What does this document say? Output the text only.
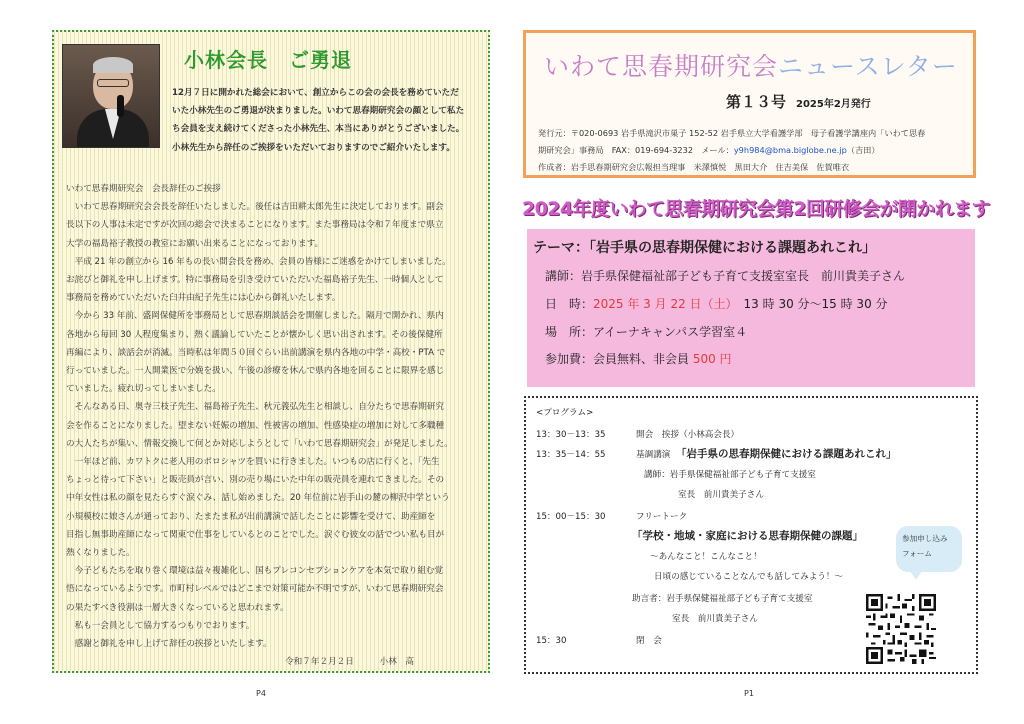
小林会長　ご勇退
12月７日に開かれた総会において、創立からこの会の会長を務めていただ
いた小林先生のご勇退が決まりました。いわて思春期研究会の顔として私た
ち会員を支え続けてくださった小林先生、本当にありがとうございました。
小林先生から辞任のご挨拶をいただいておりますのでご紹介いたします。
いわて思春期研究会　会長辞任のご挨拶
　いわて思春期研究会会長を辞任いたしました。後任は吉田耕太郎先生に決定しております。副会
長以下の人事は未定ですが次回の総会で決まることになります。また事務局は令和７年度まで県立
大学の福島裕子教授の教室にお願い出来ることになっております。
　平成 21 年の創立から 16 年もの長い間会長を務め、会員の皆様にご迷惑をかけてしまいました。
お詫びと御礼を申し上げます。特に事務局を引き受けていただいた福島裕子先生、一時個人として
事務局を務めていただいた臼井由紀子先生には心から御礼いたします。
　今から 33 年前、盛岡保健所を事務局として思春期談話会を開催しました。隔月で開かれ、県内
各地から毎回 30 人程度集まり、熱く議論していたことが懐かしく思い出されます。その後保健所
再編により、談話会が消滅。当時私は年間５０回ぐらい出前講演を県内各地の中学・高校・PTA で
行っていました。一人開業医で分娩を扱い、午後の診療を休んで県内各地を回ることに限界を感じ
ていました。疲れ切ってしまいました。
　そんなある日、奥寺三枝子先生、福島裕子先生、秋元義弘先生と相談し、自分たちで思春期研究
会を作ることになりました。望まない妊娠の増加、性被害の増加、性感染症の増加に対して多職種
の大人たちが集い、情報交換して何とか対応しようとして「いわて思春期研究会」が発足しました。
　一年ほど前、カワトクに老人用のポロシャツを買いに行きました。いつもの店に行くと、「先生
ちょっと待って下さい」と販売員が言い、別の売り場にいた中年の販売員を連れてきました。その
中年女性は私の顔を見たらすぐ涙ぐみ、話し始めました。20 年位前に岩手山の麓の柳沢中学という
小規模校に娘さんが通っており、たまたま私が出前講演で話したことに影響を受けて、助産師を
目指し無事助産師になって関東で仕事をしているとのことでした。涙ぐむ彼女の話でつい私も目が
熱くなりました。
　今子どもたちを取り巻く環境は益々複雑化し、国もプレコンセプションケアを本気で取り組む覚
悟になっているようです。市町村レベルではどこまで対策可能か不明ですが、いわて思春期研究会
の果たすべき役割は一層大きくなっていると思われます。
　私も一会員として協力するつもりでおります。
　感謝と御礼を申し上げて辞任の挨拶といたします。
令和７年２月２日　　　小林　高
P4
いわて思春期研究会ニュースレター
第１３号 2025年2月発行
発行元：〒020-0693 岩手県滝沢市巣子 152-52 岩手県立大学看護学部　母子看護学講座内「いわて思春
期研究会」事務局　FAX：019-694-3232　メール：y9h984@bma.biglobe.ne.jp（吉田）
作成者：岩手思春期研究会広報担当理事　米澤慎悦　黒田大介　住吉美保　佐賀唯衣
2024年度いわて思春期研究会第2回研修会が開かれます
テーマ：「岩手県の思春期保健における課題あれこれ」
講師：岩手県保健福祉部子ども子育て支援室室長　前川貴美子さん
日　時：2025 年 3 月 22 日（土）　13 時 30 分～15 時 30 分
場　所：アイーナキャンパス学習室４
参加費：会員無料、非会員 500 円
<プログラム>
13：30－13：35	開会　挨拶（小林高会長）
13：35－14：55	基調講演 「岩手県の思春期保健における課題あれこれ」
講師：岩手県保健福祉部子ども子育て支援室
室長　前川貴美子さん
15：00－15：30	フリートーク
「学校・地域・家庭における思春期保健の課題」
～あんなこと！こんなこと！
日頃の感じていることなんでも話してみよう！～
助言者：岩手県保健福祉部子ども子育て支援室
室長　前川貴美子さん
15：30	閉　会
参加申し込み
フォーム
P1
